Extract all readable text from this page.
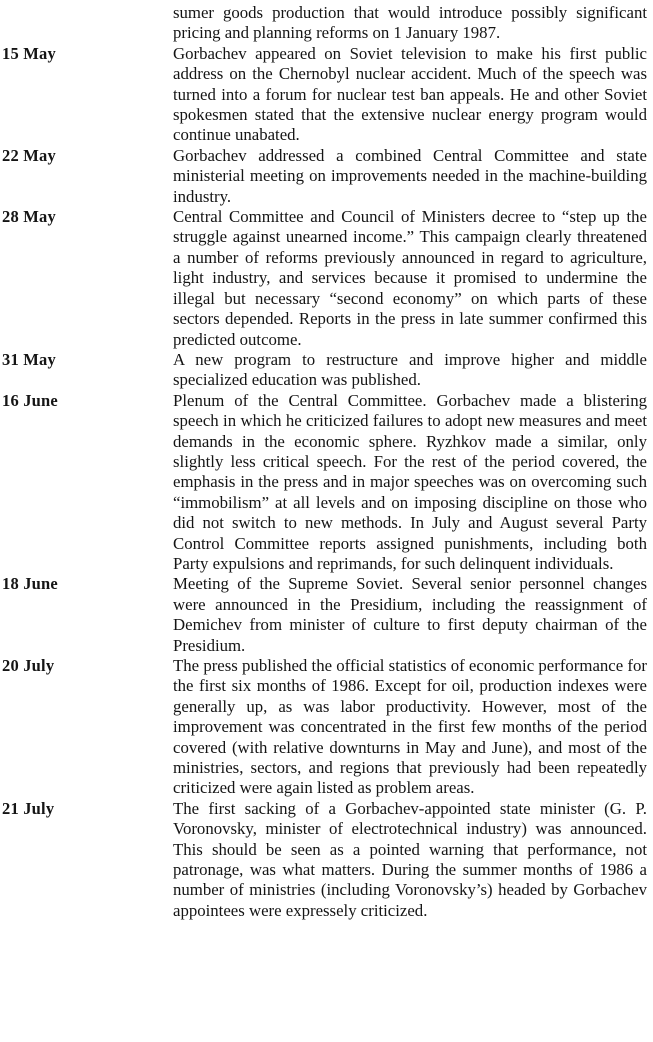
sumer goods production that would introduce possibly significant pricing and planning reforms on 1 January 1987.
15 May	Gorbachev appeared on Soviet television to make his first public address on the Chernobyl nuclear accident. Much of the speech was turned into a forum for nuclear test ban appeals. He and other Soviet spokesmen stated that the extensive nuclear energy program would continue unabated.
22 May	Gorbachev addressed a combined Central Committee and state ministerial meeting on improvements needed in the machine-building industry.
28 May	Central Committee and Council of Ministers decree to “step up the struggle against unearned income.” This campaign clearly threatened a number of reforms previously announced in regard to agriculture, light industry, and services because it promised to undermine the illegal but necessary “second economy” on which parts of these sectors depended. Reports in the press in late summer confirmed this predicted outcome.
31 May	A new program to restructure and improve higher and middle specialized education was published.
16 June	Plenum of the Central Committee. Gorbachev made a blistering speech in which he criticized failures to adopt new measures and meet demands in the economic sphere. Ryzhkov made a similar, only slightly less critical speech. For the rest of the period covered, the emphasis in the press and in major speeches was on overcoming such “immobilism” at all levels and on imposing discipline on those who did not switch to new methods. In July and August several Party Control Committee reports assigned punishments, including both Party expulsions and reprimands, for such delinquent individuals.
18 June	Meeting of the Supreme Soviet. Several senior personnel changes were announced in the Presidium, including the reassignment of Demichev from minister of culture to first deputy chairman of the Presidium.
20 July	The press published the official statistics of economic performance for the first six months of 1986. Except for oil, production indexes were generally up, as was labor productivity. However, most of the improvement was concentrated in the first few months of the period covered (with relative downturns in May and June), and most of the ministries, sectors, and regions that previously had been repeatedly criticized were again listed as problem areas.
21 July	The first sacking of a Gorbachev-appointed state minister (G. P. Voronovsky, minister of electrotechnical industry) was announced. This should be seen as a pointed warning that performance, not patronage, was what matters. During the summer months of 1986 a number of ministries (including Voronovsky’s) headed by Gorbachev appointees were expressely criticized.
